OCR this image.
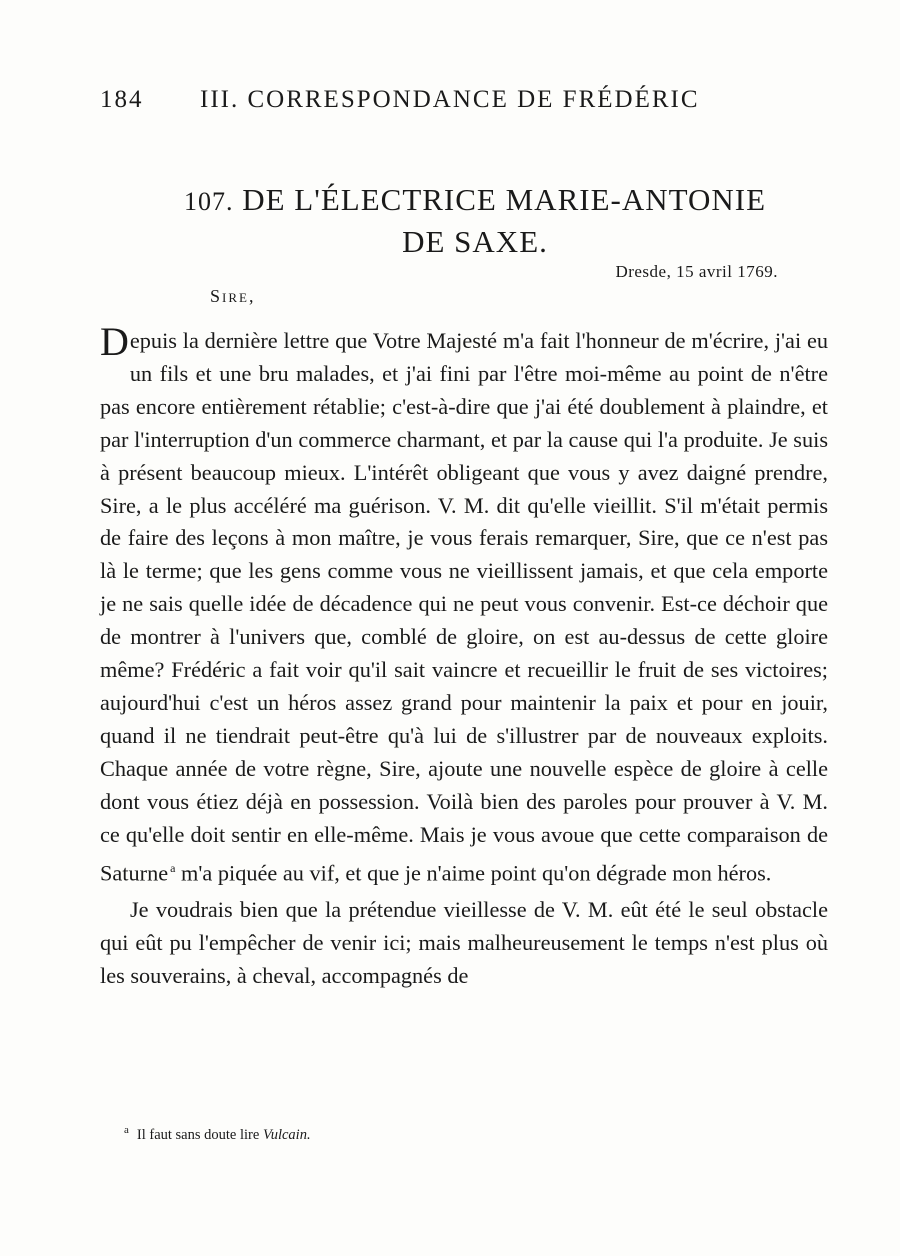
184 III. CORRESPONDANCE DE FRÉDÉRIC
107. DE L'ÉLECTRICE MARIE-ANTONIE
DE SAXE.
Dresde, 15 avril 1769.
Sire,

Depuis la dernière lettre que Votre Majesté m'a fait l'honneur de m'écrire, j'ai eu un fils et une bru malades, et j'ai fini par l'être moi-même au point de n'être pas encore entièrement rétablie; c'est-à-dire que j'ai été doublement à plaindre, et par l'interruption d'un commerce charmant, et par la cause qui l'a produite. Je suis à présent beaucoup mieux. L'intérêt obligeant que vous y avez daigné prendre, Sire, a le plus accéléré ma guérison. V. M. dit qu'elle vieillit. S'il m'était permis de faire des leçons à mon maître, je vous ferais remarquer, Sire, que ce n'est pas là le terme; que les gens comme vous ne vieillissent jamais, et que cela emporte je ne sais quelle idée de décadence qui ne peut vous convenir. Est-ce déchoir que de montrer à l'univers que, comblé de gloire, on est au-dessus de cette gloire même? Frédéric a fait voir qu'il sait vaincre et recueillir le fruit de ses victoires; aujourd'hui c'est un héros assez grand pour maintenir la paix et pour en jouir, quand il ne tiendrait peut-être qu'à lui de s'illustrer par de nouveaux exploits. Chaque année de votre règne, Sire, ajoute une nouvelle espèce de gloire à celle dont vous étiez déjà en possession. Voilà bien des paroles pour prouver à V. M. ce qu'elle doit sentir en elle-même. Mais je vous avoue que cette comparaison de Saturne $^a$ m'a piquée au vif, et que je n'aime point qu'on dégrade mon héros.

Je voudrais bien que la prétendue vieillesse de V. M. eût été le seul obstacle qui eût pu l'empêcher de venir ici; mais malheureusement le temps n'est plus où les souverains, à cheval, accompagnés de

$^a$ Il faut sans doute lire Vulcain.
